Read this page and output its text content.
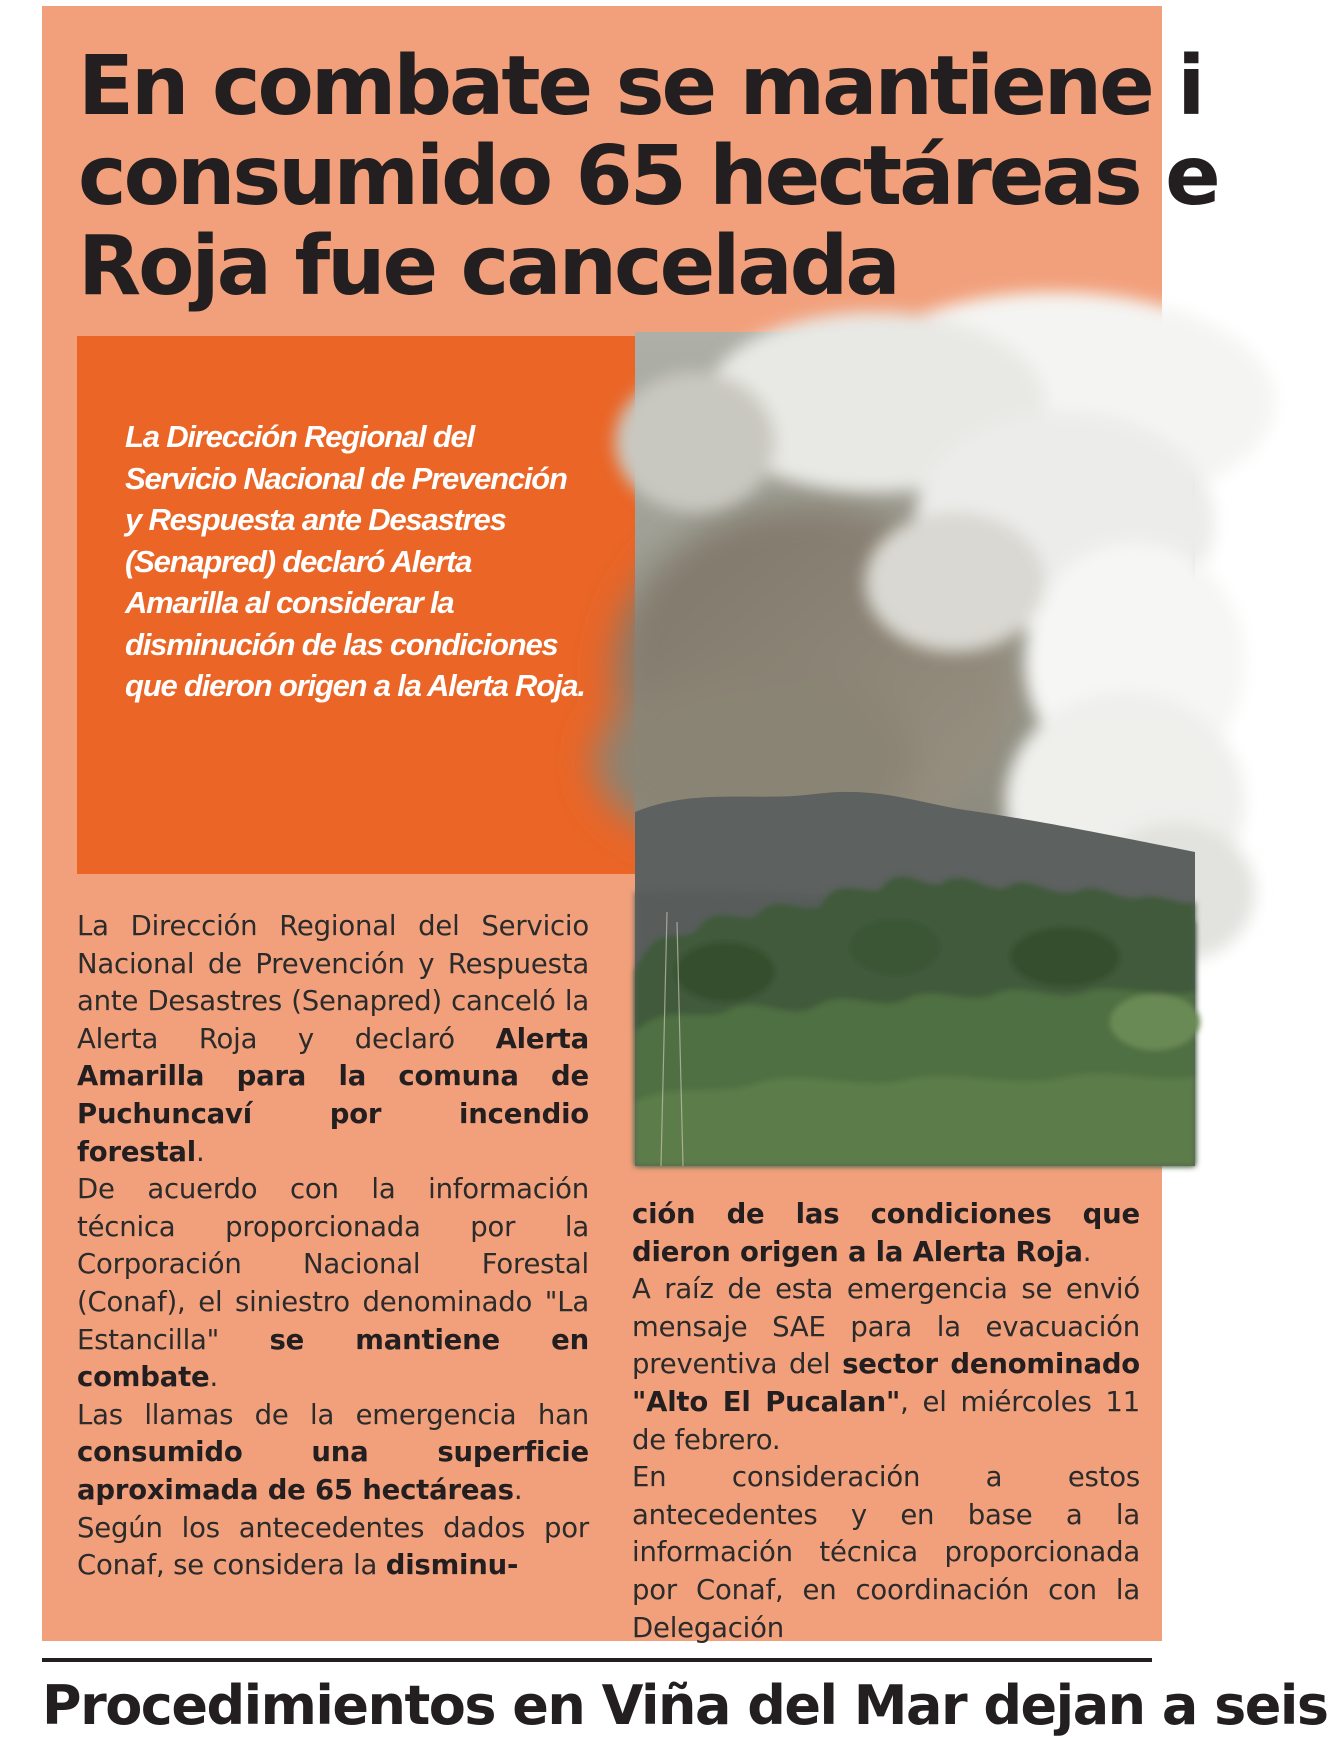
En combate se mantiene i
consumido 65 hectáreas e
Roja fue cancelada

La Dirección Regional del Servicio Nacional de Prevención y Respuesta ante Desastres (Senapred) declaró Alerta Amarilla al considerar la disminución de las condiciones que dieron origen a la Alerta Roja.

La Dirección Regional del Servicio Nacional de Prevención y Respuesta ante Desastres (Senapred) canceló la Alerta Roja y declaró Alerta Amarilla para la comuna de Puchuncaví por incendio forestal.

De acuerdo con la información técnica proporcionada por la Corporación Nacional Forestal (Conaf), el siniestro denominado "La Estancilla" se mantiene en combate.

Las llamas de la emergencia han consumido una superficie aproximada de 65 hectáreas.

Según los antecedentes dados por Conaf, se considera la disminu-

ción de las condiciones que dieron origen a la Alerta Roja.

A raíz de esta emergencia se envió mensaje SAE para la evacuación preventiva del sector denominado "Alto El Pucalan", el miércoles 11 de febrero.

En consideración a estos antecedentes y en base a la información técnica proporcionada por Conaf, en coordinación con la Delegación

Procedimientos en Viña del Mar dejan a seis
